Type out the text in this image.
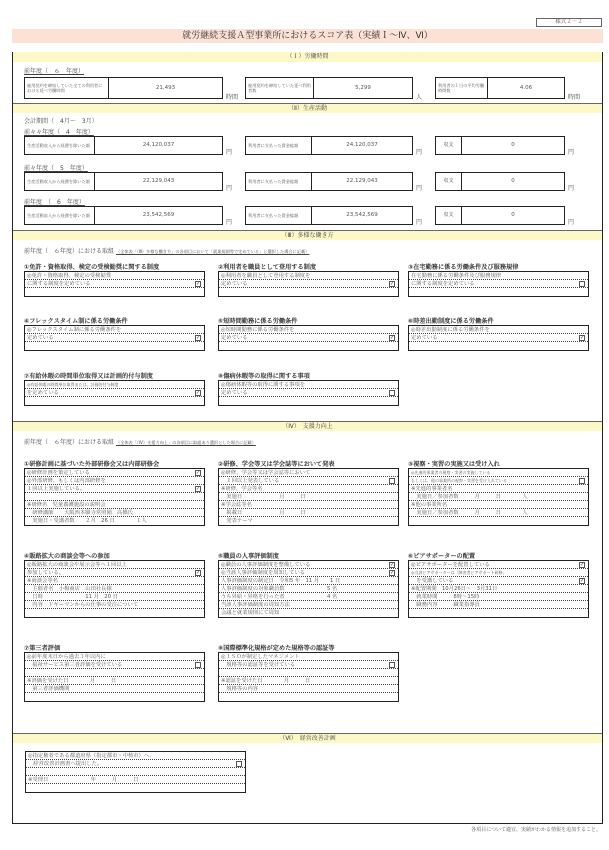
様式２－２
就労継続支援Ａ型事業所におけるスコア表（実績Ｉ～Ⅳ、Ⅵ）
（Ｉ）労働時間
前年度（　６　年度）
雇用契約を締結していた全ての利用者における延べ労働時間	21,493
時間
雇用契約を締結していた延べ利用者数	5,299
人
利用者の１日の平均労働時間数	4.06
時間
（Ⅱ）生産活動
会計期間（　4月～　3月）
前々々年度（　4　年度）
生産活動収入から経費を除いた額	24,120,037
円
利用者に支払った賃金総額	24,120,037
円
収支	0
円
前々年度（　5　年度）
生産活動収入から経費を除いた額	22,129,043
円
利用者に支払った賃金総額	22,129,043
円
収支	0
円
前年度　（　6　年度）
生産活動収入から経費を除いた額	23,542,569
円
利用者に支払った賃金総額	23,542,569
円
収支	0
円
（Ⅲ）多様な働き方
前年度（　６年度）における取組 （全体表「（Ⅲ）多様な働き方」の各項目において「就業規則等で定めている」と選択した場合に記載）
①免許・資格取得、検定の受検勧奨に関する制度
◎免許・資格取得、検定の受検勧奨
に関する制度を定めている	✓
②利用者を職員として登用する制度
◎利用者を職員として登用する制度を
定めている	✓
③在宅勤務に係る労働条件及び服務規律
在宅勤務に係る労働条件及び服務規律
に関する制度を定めている
④フレックスタイム制に係る労働条件
◎フレックスタイム制に係る労働条件を
定めている	✓
⑤短時間勤務に係る労働条件
◎短時間勤務に係る労働条件を
定めている	✓
⑥時差出勤制度に係る労働条件
◎時差出勤制度に係る労働条件を
定めている	✓
⑦有給休暇の時間単位取得又は計画的付与制度
◎有給休暇の時間単位取得または、計画的付与制度
を定めている	✓
⑧傷病休暇等の取得に関する事項
◎傷病休暇等の取得に関する事項を
定めている
（Ⅳ）　支援力向上
前年度（　６年度）における取組 （全体表「（Ⅳ）支援力向上」の各項目に取組あり選択とした場合に記載）
①研修計画に基づいた外部研修会又は内部研修会
◎研修計画を策定している	✓
◎外部研修、もしくは内部研修を
１回以上実施している。	✓
※研修名　児童養護施設の説明会
　研修講師　　大阪西本願寺常照園　高橋氏
　実施日・受講者数　　２月　26 日　　　　１人
②研修、学会等又は学会誌等において発表
◎研修、学会等又は学会誌等において
　１回以上発表している
※研修、学会等名
　実施日　　　　　　　月　　　日
※学会誌等名
　掲載日　　　　　　　月　　　日
　発表テーマ
③視察・実習の実施又は受け入れ
◎先進的事業者の視察・実習の実施している
もしくは、他の事業所の視察・実習を受け入れている
※先進的事業者名
　実施日／参加者数　　　月　　　日　　　　人
※他の事業所名
　実施日／参加者数　　　月　　　日　　　　人
④販路拡大の商談会等への参加
◎販路拡大の商談会や展示会等へ１回以上
参加している。	✓
※商談会等名
　主催者名　小梅商店　山田社長様
　日時　　　　　　　　11 月　20 日
　内容　ドギーマンからの仕事の受注について
⑤職員の人事評価制度
◎職員の人事評価制度を整備している	✓
◎当該人事評価制度を周知している	✓
人事評価制度の制定日　令和5 年　11 月　　1 日
人事評価制度の対象職員数　　　　　　　　5 名
うち昇給・昇格を行った者　　　　　　　　4 名
当該人事評価制度の周知方法
会議と就業規則にて周知
⑥ピアサポーターの配置
◎ピアサポーターを配置している	✓
◎当該ピアサポーターは「障害者ピアサポート研修」
　を受講している	✓
※配置期間　10月26日～　3月31日
　就業時間　　　8時～15時
　職務内容　　　職業指導員
⑦第三者評価
◎前年度末日から過去３年以内に
　福祉サービス第三者評価を受けている
※評価を受けた日　　　　月　　　日
　第三者評価機関
⑧国際標準化規格が定めた規格等の認証等
◎ＩＳＯが制定したマネジメント
　規格等の認証等を受けている
※認証を受けた日　　　　月　　　日
　規格等の内容
（Ⅵ）　経営改善計画
◎指定権者である都道府県（指定都市・中核市）へ、
　経営改善計画書へ提出した。
※受理日　　　　　　　　年　　　月　　　日
各項目について適宜、実績がわかる情報を追加すること。
